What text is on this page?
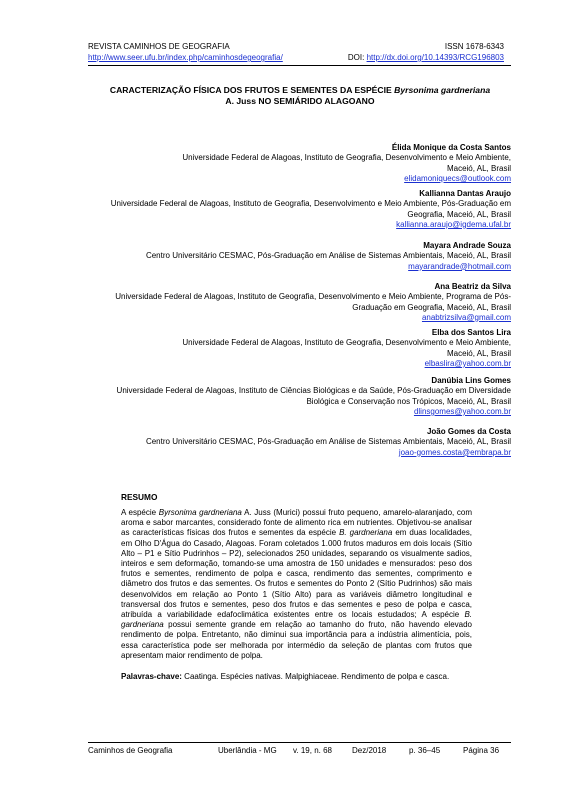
REVISTA CAMINHOS DE GEOGRAFIA	ISSN 1678-6343
http://www.seer.ufu.br/index.php/caminhosdegeografia/	DOI: http://dx.doi.org/10.14393/RCG196803
CARACTERIZAÇÃO FÍSICA DOS FRUTOS E SEMENTES DA ESPÉCIE Byrsonima gardneriana
A. Juss NO SEMIÁRIDO ALAGOANO
Élida Monique da Costa Santos
Universidade Federal de Alagoas, Instituto de Geografia, Desenvolvimento e Meio Ambiente,
Maceió, AL, Brasil
elidamoniquecs@outlook.com
Kallianna Dantas Araujo
Universidade Federal de Alagoas, Instituto de Geografia, Desenvolvimento e Meio Ambiente, Pós-Graduação em
Geografia, Maceió, AL, Brasil
kallianna.araujo@igdema.ufal.br
Mayara Andrade Souza
Centro Universitário CESMAC, Pós-Graduação em Análise de Sistemas Ambientais, Maceió, AL, Brasil
mayarandrade@hotmail.com
Ana Beatriz da Silva
Universidade Federal de Alagoas, Instituto de Geografia, Desenvolvimento e Meio Ambiente, Programa de Pós-
Graduação em Geografia, Maceió, AL, Brasil
anabtrizsilva@gmail.com
Elba dos Santos Lira
Universidade Federal de Alagoas, Instituto de Geografia, Desenvolvimento e Meio Ambiente,
Maceió, AL, Brasil
elbaslira@yahoo.com.br
Danúbia Lins Gomes
Universidade Federal de Alagoas, Instituto de Ciências Biológicas e da Saúde, Pós-Graduação em Diversidade
Biológica e Conservação nos Trópicos, Maceió, AL, Brasil
dlinsgomes@yahoo.com.br
João Gomes da Costa
Centro Universitário CESMAC, Pós-Graduação em Análise de Sistemas Ambientais, Maceió, AL, Brasil
joao-gomes.costa@embrapa.br
RESUMO
A espécie Byrsonima gardneriana A. Juss (Murici) possui fruto pequeno, amarelo-alaranjado, com aroma e sabor marcantes, considerado fonte de alimento rica em nutrientes. Objetivou-se analisar as características físicas dos frutos e sementes da espécie B. gardneriana em duas localidades, em Olho D'Água do Casado, Alagoas. Foram coletados 1.000 frutos maduros em dois locais (Sítio Alto – P1 e Sítio Pudrinhos – P2), selecionados 250 unidades, separando os visualmente sadios, inteiros e sem deformação, tomando-se uma amostra de 150 unidades e mensurados: peso dos frutos e sementes, rendimento de polpa e casca, rendimento das sementes, comprimento e diâmetro dos frutos e das sementes. Os frutos e sementes do Ponto 2 (Sítio Pudrinhos) são mais desenvolvidos em relação ao Ponto 1 (Sítio Alto) para as variáveis diâmetro longitudinal e transversal dos frutos e sementes, peso dos frutos e das sementes e peso de polpa e casca, atribuída a variabilidade edafoclimática existentes entre os locais estudados; A espécie B. gardneriana possui semente grande em relação ao tamanho do fruto, não havendo elevado rendimento de polpa. Entretanto, não diminui sua importância para a indústria alimentícia, pois, essa característica pode ser melhorada por intermédio da seleção de plantas com frutos que apresentam maior rendimento de polpa.
Palavras-chave: Caatinga. Espécies nativas. Malpighiaceae. Rendimento de polpa e casca.
Caminhos de Geografia	Uberlândia - MG v. 19, n. 68	Dez/2018	p. 36–45	Página 36
